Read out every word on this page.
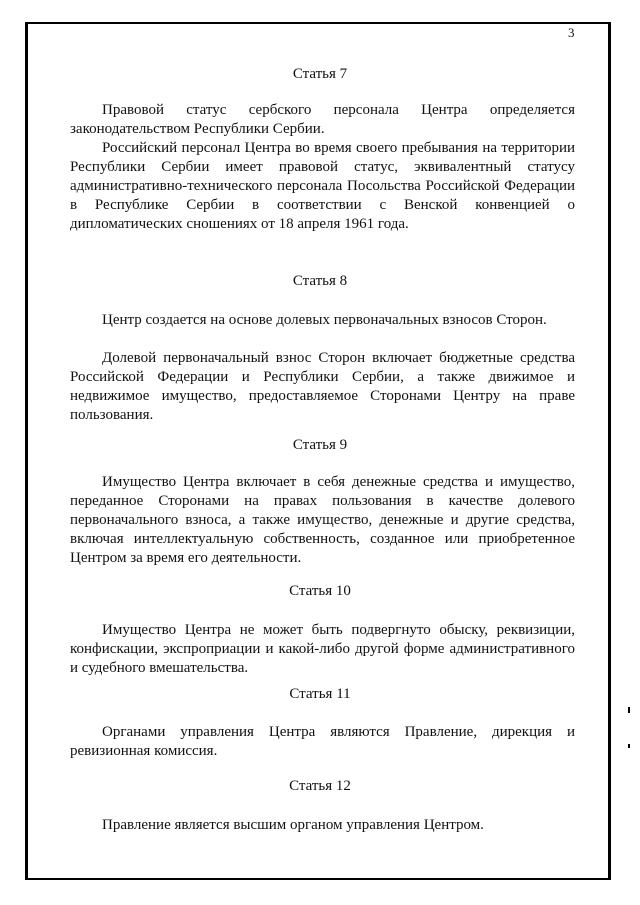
3
Статья 7
Правовой статус сербского персонала Центра определяется законодательством Республики Сербии.
Российский персонал Центра во время своего пребывания на территории Республики Сербии имеет правовой статус, эквивалентный статусу административно-технического персонала Посольства Российской Федерации в Республике Сербии в соответствии с Венской конвенцией о дипломатических сношениях от 18 апреля 1961 года.
Статья 8
Центр создается на основе долевых первоначальных взносов Сторон.
Долевой первоначальный взнос Сторон включает бюджетные средства Российской Федерации и Республики Сербии, а также движимое и недвижимое имущество, предоставляемое Сторонами Центру на праве пользования.
Статья 9
Имущество Центра включает в себя денежные средства и имущество, переданное Сторонами на правах пользования в качестве долевого первоначального взноса, а также имущество, денежные и другие средства, включая интеллектуальную собственность, созданное или приобретенное Центром за время его деятельности.
Статья 10
Имущество Центра не может быть подвергнуто обыску, реквизиции, конфискации, экспроприации и какой-либо другой форме административного и судебного вмешательства.
Статья 11
Органами управления Центра являются Правление, дирекция и ревизионная комиссия.
Статья 12
Правление является высшим органом управления Центром.
